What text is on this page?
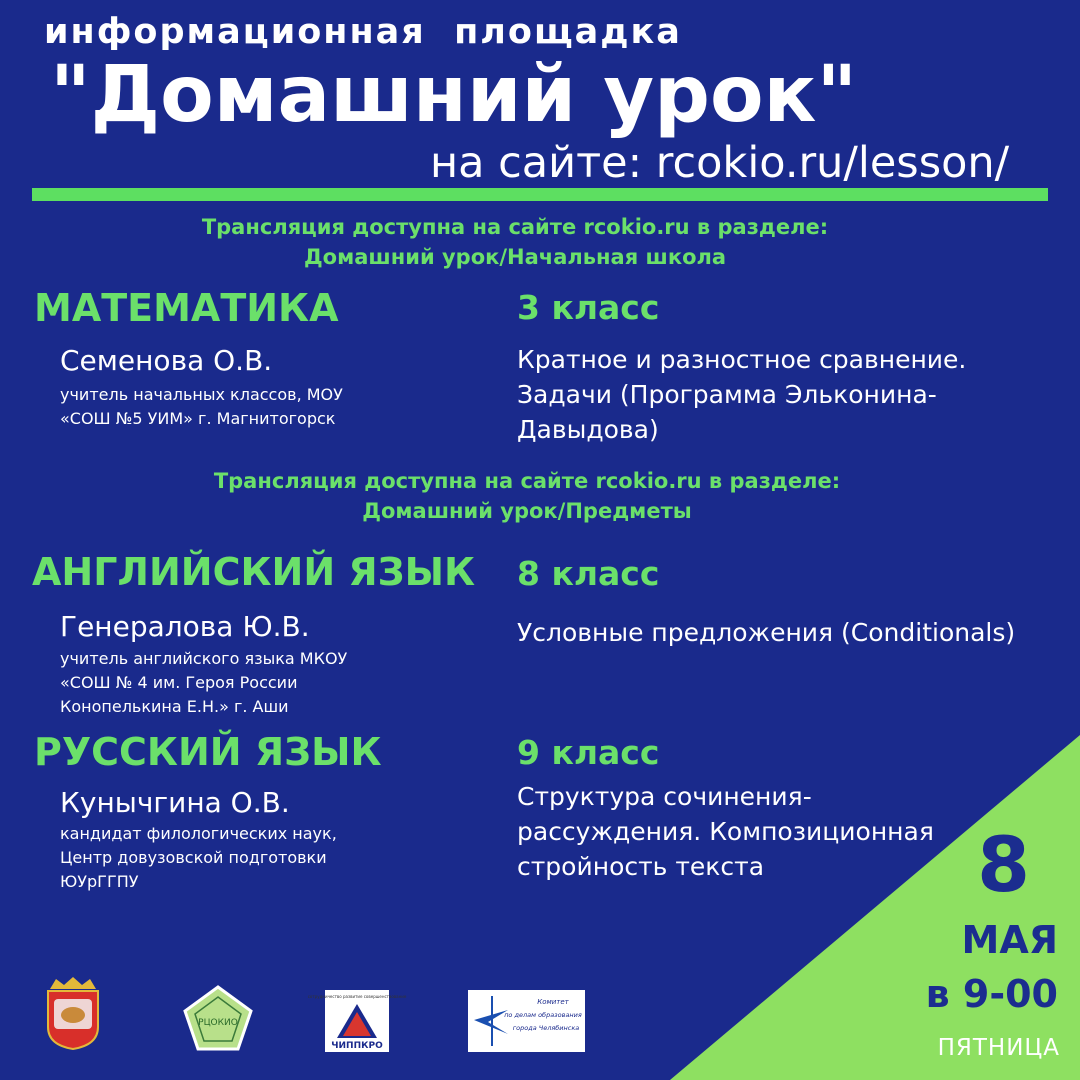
информационная  площадка
"Домашний урок"
на сайте: rcokio.ru/lesson/
Трансляция доступна на сайте rcokio.ru в разделе:
Домашний урок/Начальная школа
МАТЕМАТИКА
Семенова О.В.
учитель начальных классов, МОУ
«СОШ №5 УИМ» г. Магнитогорск
3 класс
Кратное и разностное сравнение.
Задачи (Программа Эльконина-
Давыдова)
Трансляция доступна на сайте rcokio.ru в разделе:
Домашний урок/Предметы
АНГЛИЙСКИЙ ЯЗЫК
Генералова Ю.В.
учитель английского языка МКОУ
«СОШ № 4 им. Героя России
Конопелькина Е.Н.» г. Аши
8 класс
Условные предложения (Conditionals)
РУССКИЙ ЯЗЫК
Кунычгина О.В.
кандидат филологических наук,
Центр довузовской подготовки
ЮУрГГПУ
9 класс
Структура сочинения-
рассуждения. Композиционная
стройность текста	8
МАЯ
в 9-00
ПЯТНИЦА
РЦОКИО
сотрудничество развитие совершенствование
ЧИППКРО
Комитет
по делам образования
города Челябинска
